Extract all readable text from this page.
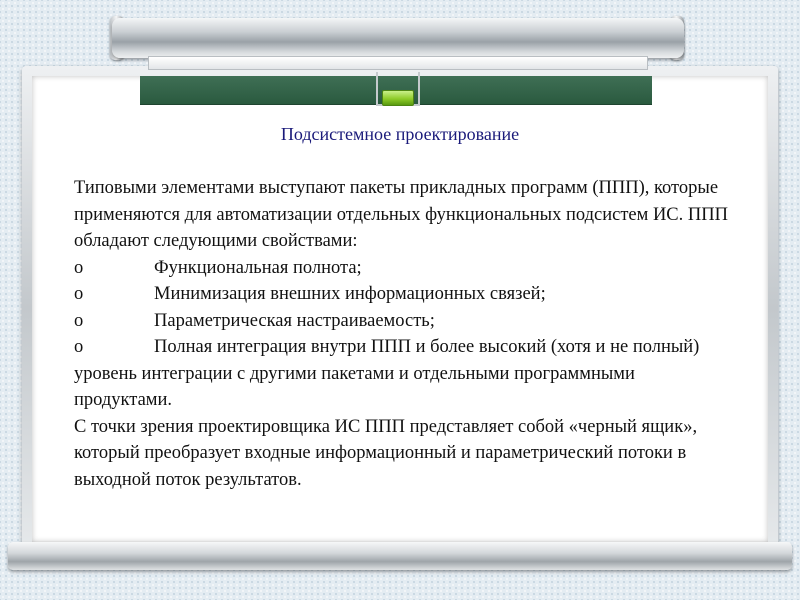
Подсистемное проектирование

Типовыми элементами выступают пакеты прикладных программ (ППП), которые применяются для автоматизации отдельных функциональных подсистем ИС. ППП обладают следующими свойствами:

o	Функциональная полнота;

o	Минимизация внешних информационных связей;

o	Параметрическая настраиваемость;

o	Полная интеграция внутри ППП и более высокий (хотя и не полный) уровень интеграции с другими пакетами и отдельными программными продуктами.

С точки зрения проектировщика ИС ППП представляет собой «черный ящик», который преобразует входные информационный и параметрический потоки в выходной поток результатов.
